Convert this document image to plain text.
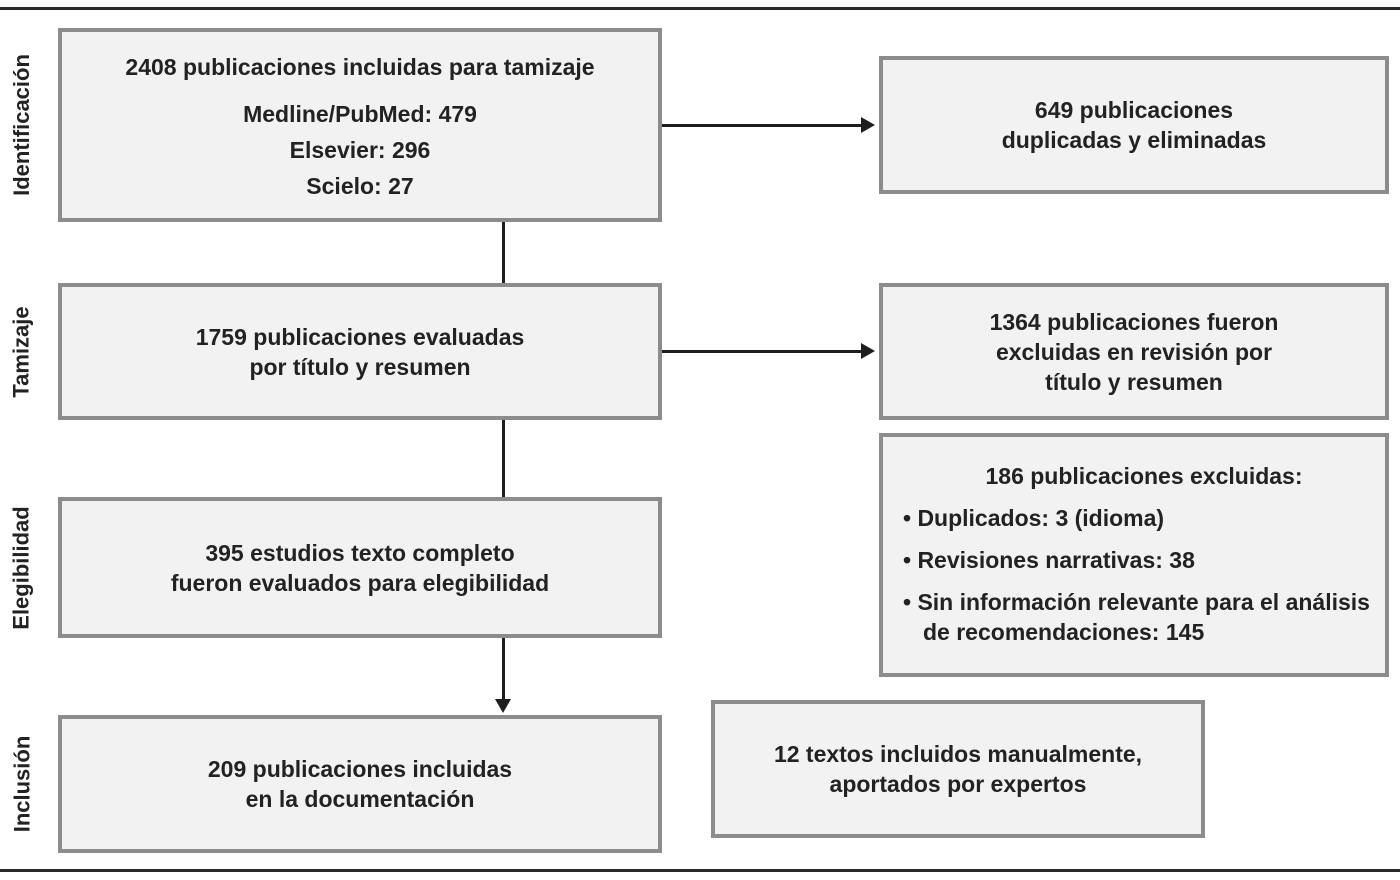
Identificación
Tamizaje
Elegibilidad
Inclusión
2408 publicaciones incluidas para tamizaje
Medline/PubMed: 479
Elsevier: 296
Scielo: 27
649 publicaciones
duplicadas y eliminadas
1759 publicaciones evaluadas
por título y resumen
1364 publicaciones fueron
excluidas en revisión por
título y resumen
186 publicaciones excluidas:
• Duplicados: 3 (idioma)
• Revisiones narrativas: 38
• Sin información relevante para el análisis
de recomendaciones: 145
395 estudios texto completo
fueron evaluados para elegibilidad
209 publicaciones incluidas
en la documentación
12 textos incluidos manualmente,
aportados por expertos
